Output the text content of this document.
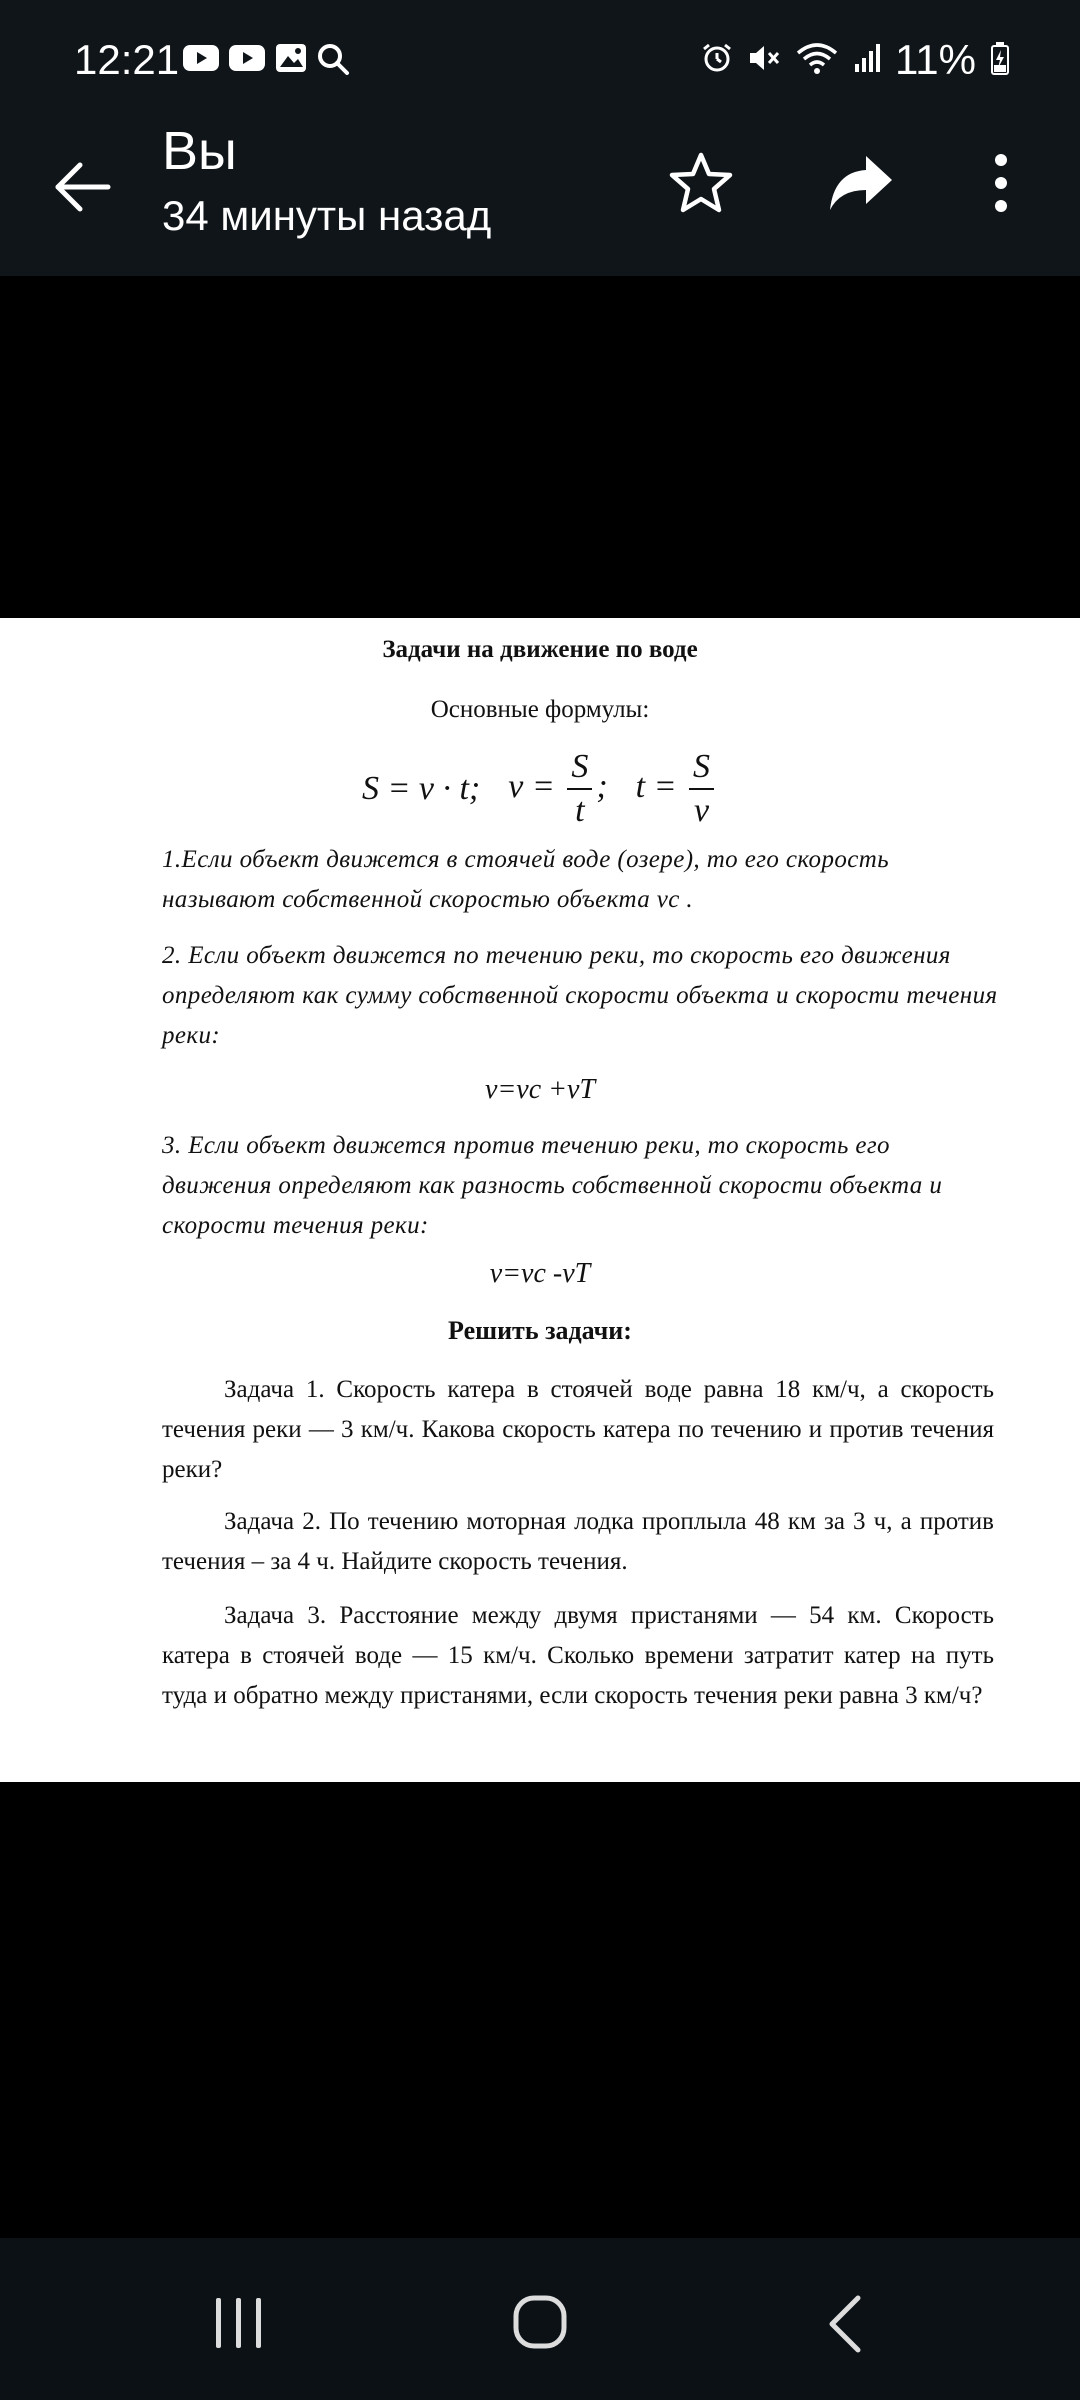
12:21	11%
Вы
34 минуты назад
Задачи на движение по воде
Основные формулы:
S = v · t; $v = \frac{S}{t}$ ; $t = \frac{S}{v}$
1.Если объект движется в стоячей воде (озере), то его скорость называют собственной скоростью объекта vc .
2. Если объект движется по течению реки, то скорость его движения определяют как сумму собственной скорости объекта и скорости течения реки:
v=vc +vT
3. Если объект движется против течению реки, то скорость его движения определяют как разность собственной скорости объекта и скорости течения реки:
v=vc -vT
Решить задачи:
Задача 1. Скорость катера в стоячей воде равна 18 км/ч, а скорость течения реки — 3 км/ч. Какова скорость катера по течению и против течения реки?
Задача 2. По течению моторная лодка проплыла 48 км за 3 ч, а против течения – за 4 ч. Найдите скорость течения.
Задача 3. Расстояние между двумя пристанями — 54 км. Скорость катера в стоячей воде — 15 км/ч. Сколько времени затратит катер на путь туда и обратно между пристанями, если скорость течения реки равна 3 км/ч?
